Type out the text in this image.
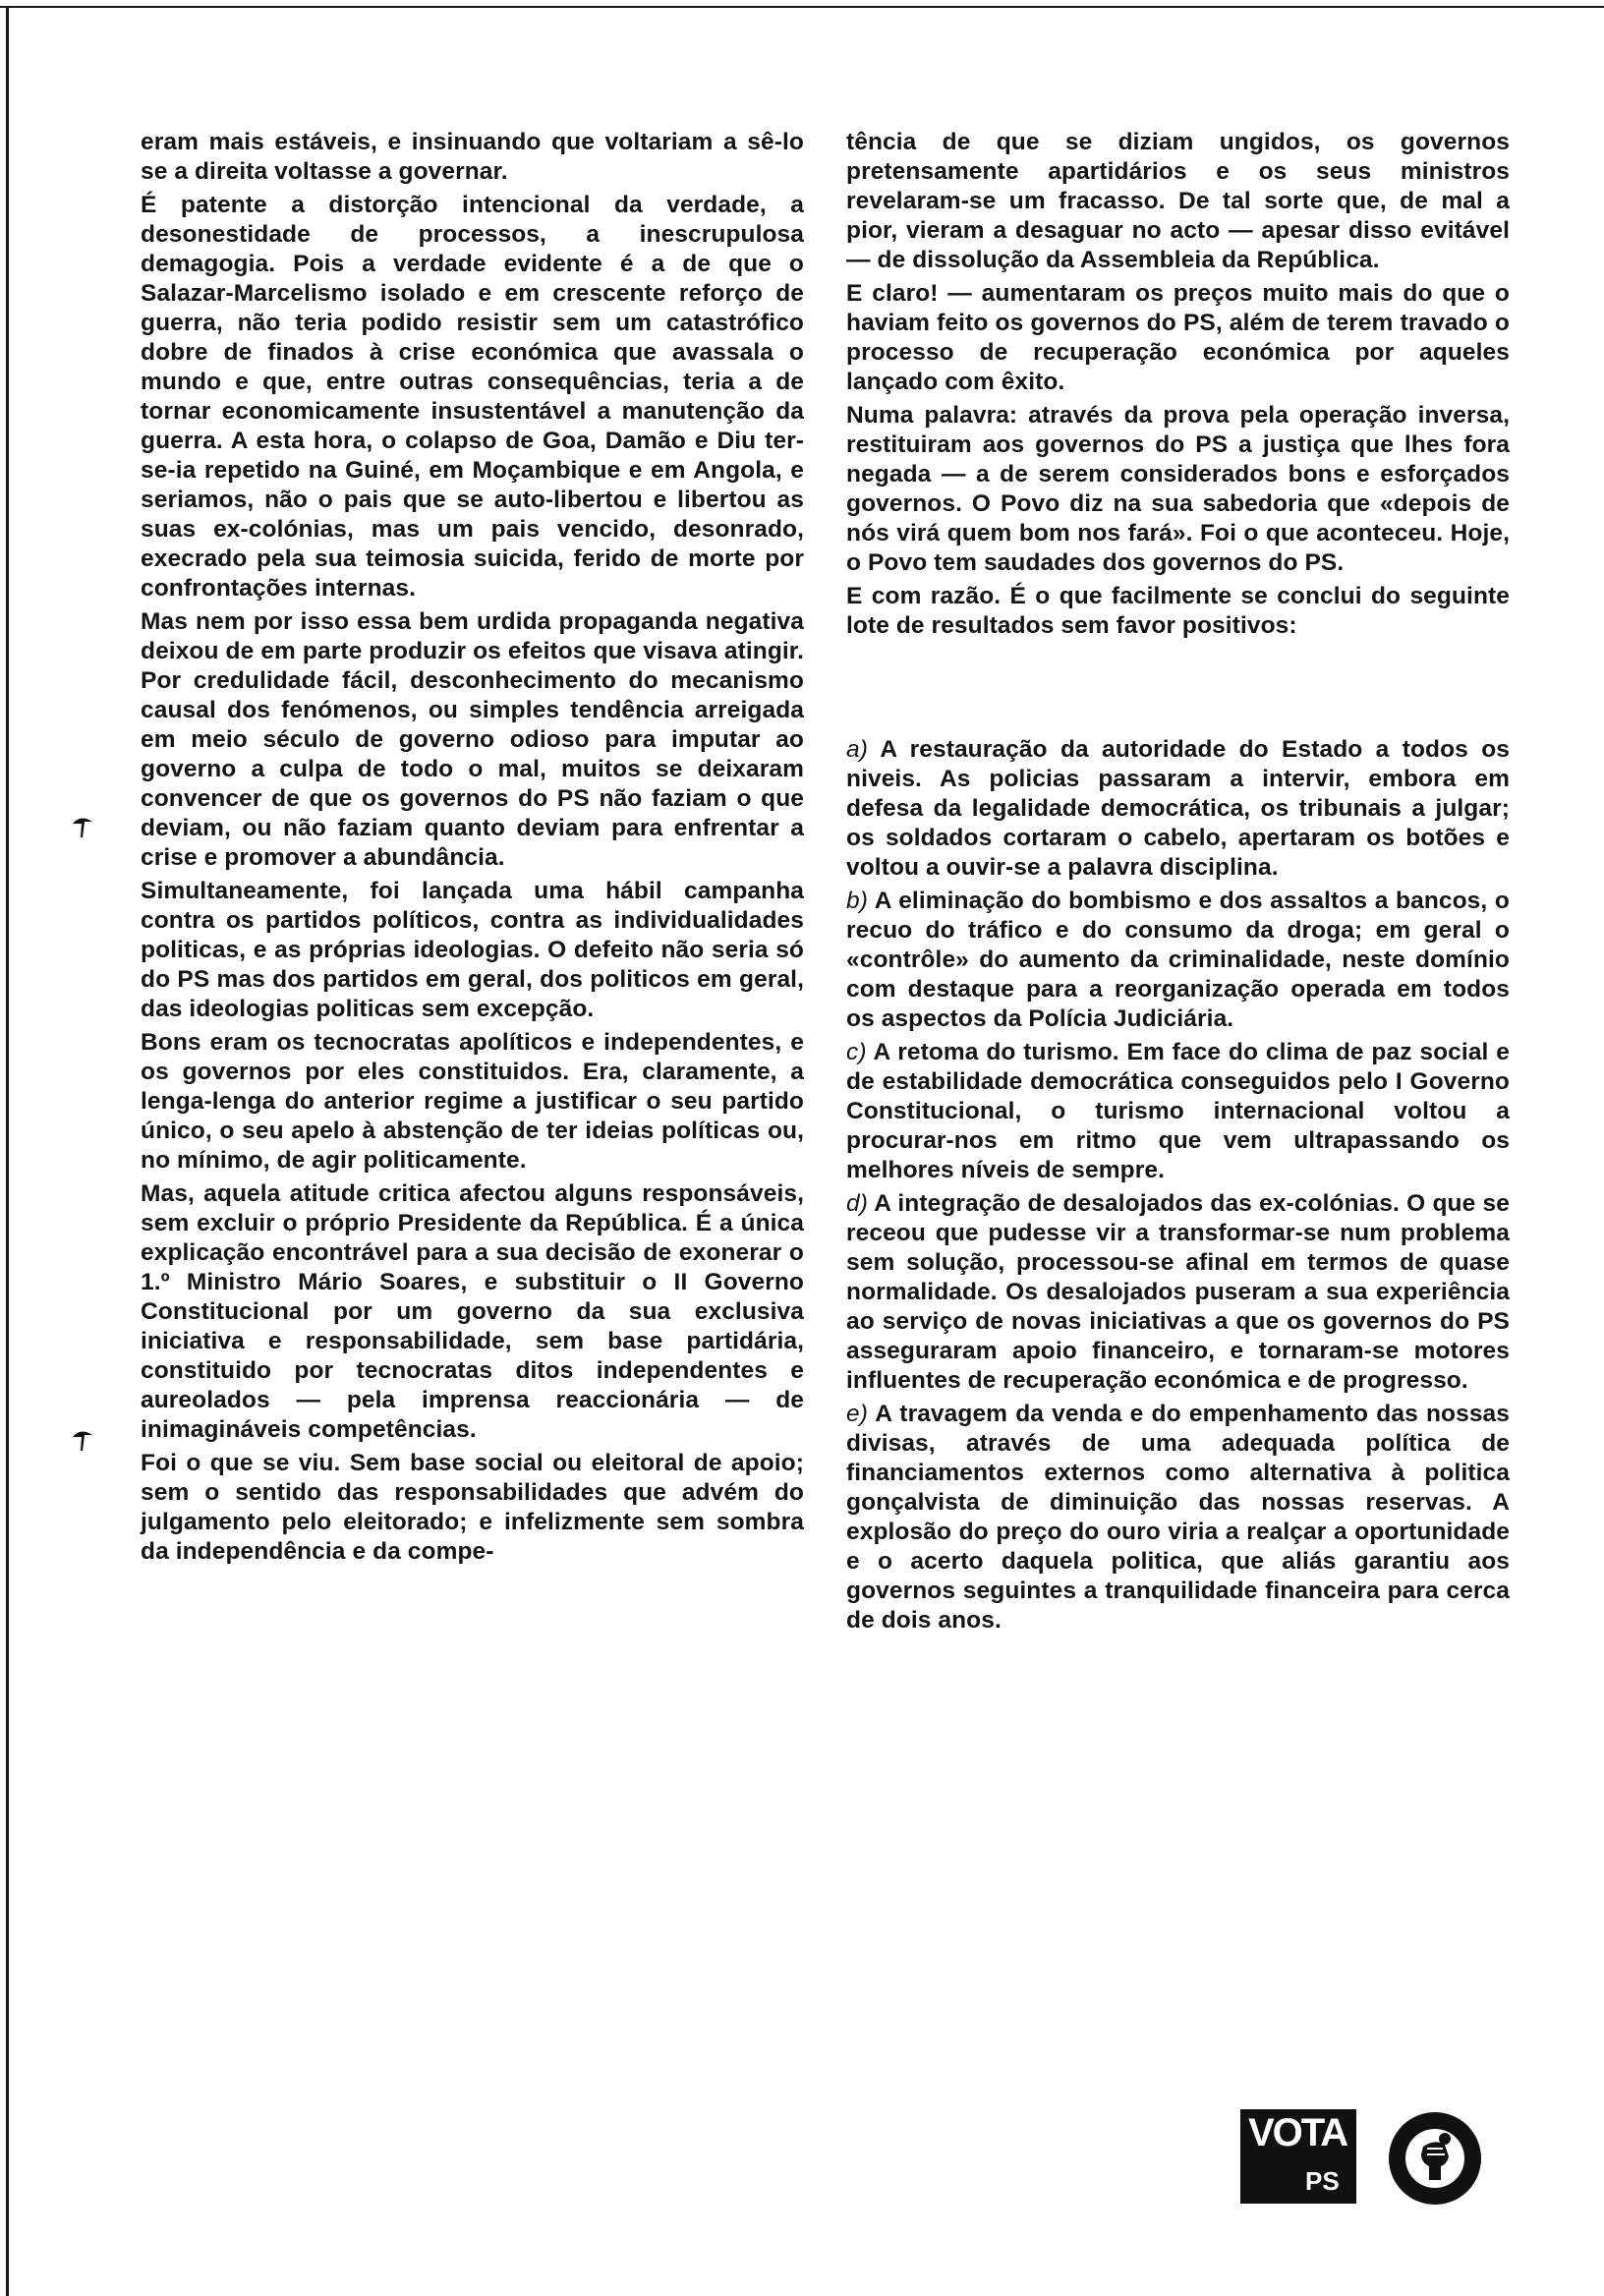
eram mais estáveis, e insinuando que voltariam a sê-lo se a direita voltasse a governar.

É patente a distorção intencional da verdade, a desonestidade de processos, a inescrupulosa demagogia. Pois a verdade evidente é a de que o Salazar-Marcelismo isolado e em crescente reforço de guerra, não teria podido resistir sem um catastrófico dobre de finados à crise económica que avassala o mundo e que, entre outras consequências, teria a de tornar economicamente insustentável a manutenção da guerra. A esta hora, o colapso de Goa, Damão e Diu ter-se-ia repetido na Guiné, em Moçambique e em Angola, e seriamos, não o pais que se auto-libertou e libertou as suas ex-colónias, mas um pais vencido, desonrado, execrado pela sua teimosia suicida, ferido de morte por confrontações internas.

Mas nem por isso essa bem urdida propaganda negativa deixou de em parte produzir os efeitos que visava atingir. Por credulidade fácil, desconhecimento do mecanismo causal dos fenómenos, ou simples tendência arreigada em meio século de governo odioso para imputar ao governo a culpa de todo o mal, muitos se deixaram convencer de que os governos do PS não faziam o que deviam, ou não faziam quanto deviam para enfrentar a crise e promover a abundância.

Simultaneamente, foi lançada uma hábil campanha contra os partidos políticos, contra as individualidades politicas, e as próprias ideologias. O defeito não seria só do PS mas dos partidos em geral, dos politicos em geral, das ideologias politicas sem excepção.

Bons eram os tecnocratas apolíticos e independentes, e os governos por eles constituidos. Era, claramente, a lenga-lenga do anterior regime a justificar o seu partido único, o seu apelo à abstenção de ter ideias políticas ou, no mínimo, de agir politicamente.

Mas, aquela atitude critica afectou alguns responsáveis, sem excluir o próprio Presidente da República. É a única explicação encontrável para a sua decisão de exonerar o 1.º Ministro Mário Soares, e substituir o II Governo Constitucional por um governo da sua exclusiva iniciativa e responsabilidade, sem base partidária, constituido por tecnocratas ditos independentes e aureolados — pela imprensa reaccionária — de inimagináveis competências.

Foi o que se viu. Sem base social ou eleitoral de apoio; sem o sentido das responsabilidades que advém do julgamento pelo eleitorado; e infelizmente sem sombra da independência e da compe-

tência de que se diziam ungidos, os governos pretensamente apartidários e os seus ministros revelaram-se um fracasso. De tal sorte que, de mal a pior, vieram a desaguar no acto — apesar disso evitável — de dissolução da Assembleia da República.

E claro! — aumentaram os preços muito mais do que o haviam feito os governos do PS, além de terem travado o processo de recuperação económica por aqueles lançado com êxito.

Numa palavra: através da prova pela operação inversa, restituiram aos governos do PS a justiça que lhes fora negada — a de serem considerados bons e esforçados governos. O Povo diz na sua sabedoria que «depois de nós virá quem bom nos fará». Foi o que aconteceu. Hoje, o Povo tem saudades dos governos do PS.

E com razão. É o que facilmente se conclui do seguinte lote de resultados sem favor positivos:

a) A restauração da autoridade do Estado a todos os niveis. As policias passaram a intervir, embora em defesa da legalidade democrática, os tribunais a julgar; os soldados cortaram o cabelo, apertaram os botões e voltou a ouvir-se a palavra disciplina.

b) A eliminação do bombismo e dos assaltos a bancos, o recuo do tráfico e do consumo da droga; em geral o «contrôle» do aumento da criminalidade, neste domínio com destaque para a reorganização operada em todos os aspectos da Polícia Judiciária.

c) A retoma do turismo. Em face do clima de paz social e de estabilidade democrática conseguidos pelo I Governo Constitucional, o turismo internacional voltou a procurar-nos em ritmo que vem ultrapassando os melhores níveis de sempre.

d) A integração de desalojados das ex-colónias. O que se receou que pudesse vir a transformar-se num problema sem solução, processou-se afinal em termos de quase normalidade. Os desalojados puseram a sua experiência ao serviço de novas iniciativas a que os governos do PS asseguraram apoio financeiro, e tornaram-se motores influentes de recuperação económica e de progresso.

e) A travagem da venda e do empenhamento das nossas divisas, através de uma adequada política de financiamentos externos como alternativa à politica gonçalvista de diminuição das nossas reservas. A explosão do preço do ouro viria a realçar a oportunidade e o acerto daquela politica, que aliás garantiu aos governos seguintes a tranquilidade financeira para cerca de dois anos.

VOTA
PS
